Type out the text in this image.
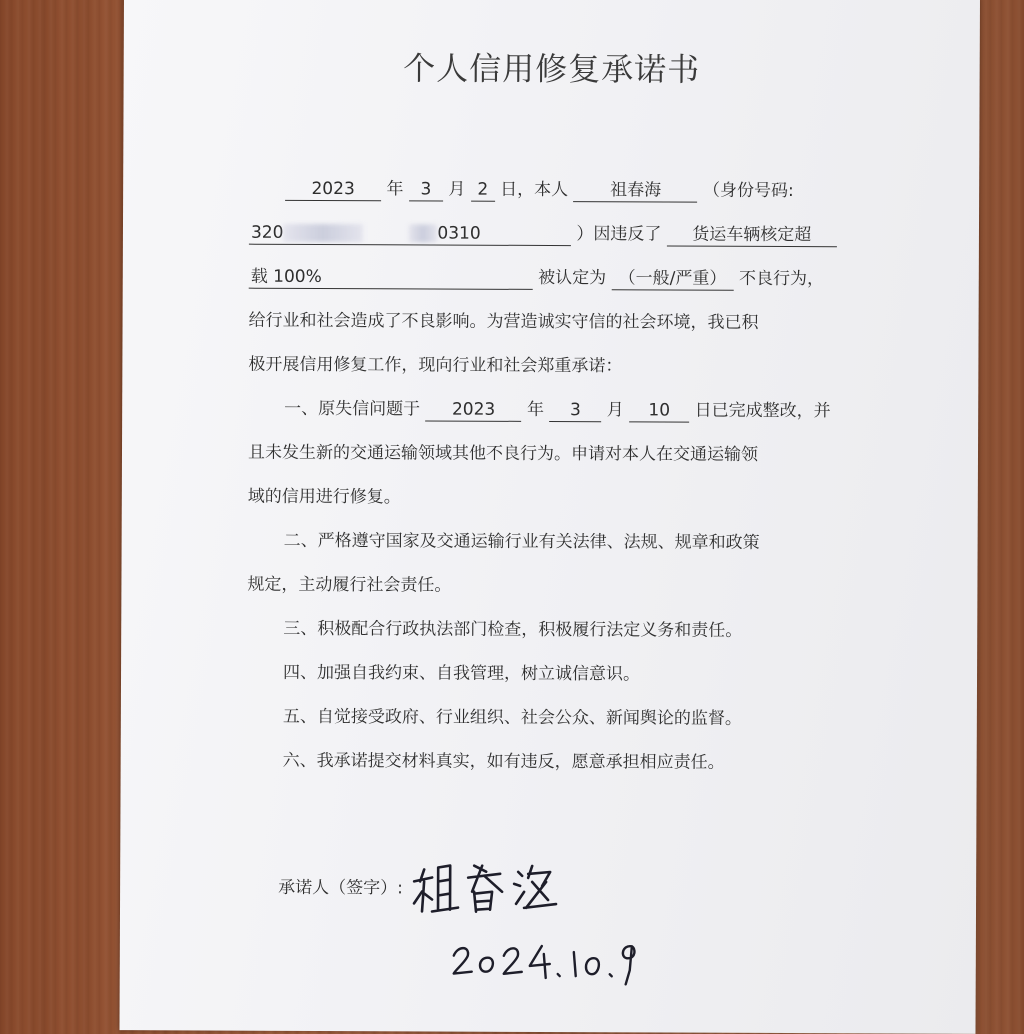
个人信用修复承诺书
2023 年 3 月 2 日，本人 祖春海 （身份号码:
320	0310	）因违反了 货运车辆核定超
载 100%	被认定为 （一般/严重） 不良行为，
给行业和社会造成了不良影响。为营造诚实守信的社会环境，我已积
极开展信用修复工作，现向行业和社会郑重承诺：
一、原失信问题于 2023 年 3 月 10 日已完成整改，并
且未发生新的交通运输领域其他不良行为。申请对本人在交通运输领
域的信用进行修复。
二、严格遵守国家及交通运输行业有关法律、法规、规章和政策
规定，主动履行社会责任。
三、积极配合行政执法部门检查，积极履行法定义务和责任。
四、加强自我约束、自我管理，树立诚信意识。
五、自觉接受政府、行业组织、社会公众、新闻舆论的监督。
六、我承诺提交材料真实，如有违反，愿意承担相应责任。
承诺人（签字）:
